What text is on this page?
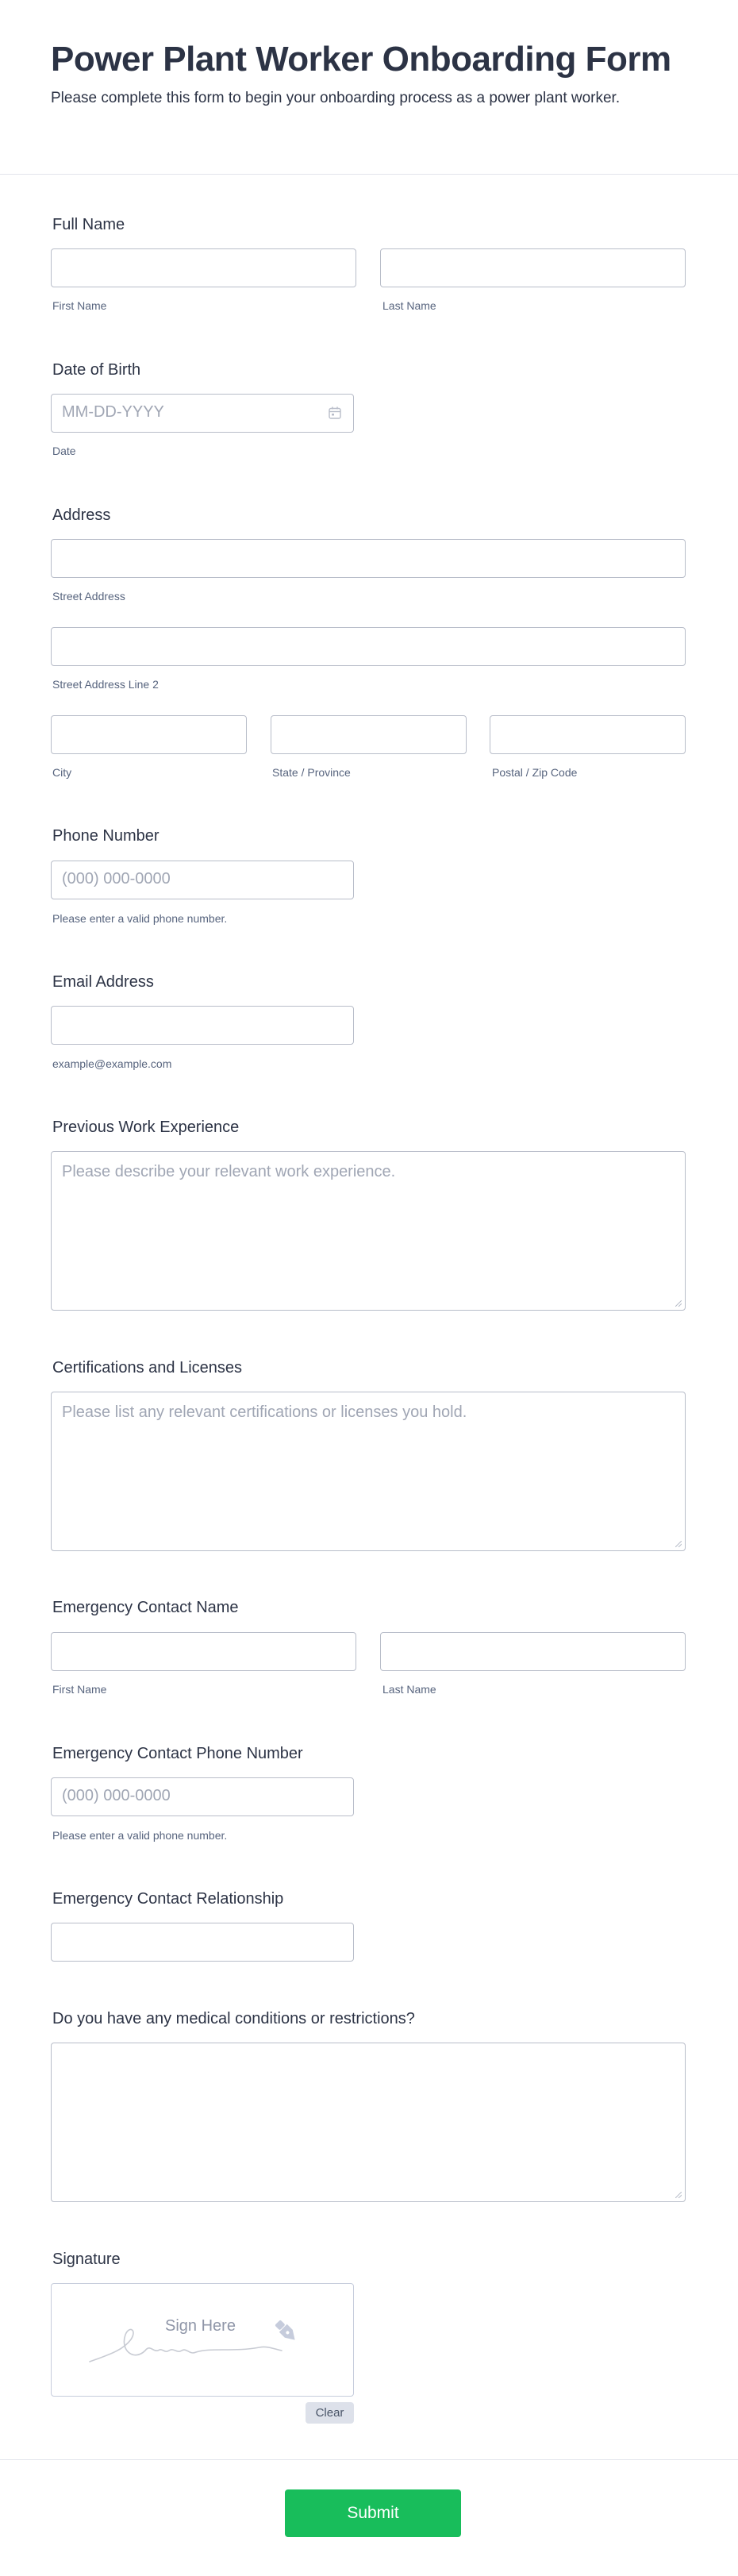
Power Plant Worker Onboarding Form
Please complete this form to begin your onboarding process as a power plant worker.
Full Name
First Name	Last Name
Date of Birth
MM-DD-YYYY
Date
Address
Street Address
Street Address Line 2
City	State / Province	Postal / Zip Code
Phone Number
(000) 000-0000
Please enter a valid phone number.
Email Address
example@example.com
Previous Work Experience
Please describe your relevant work experience.
Certifications and Licenses
Please list any relevant certifications or licenses you hold.
Emergency Contact Name
First Name	Last Name
Emergency Contact Phone Number
(000) 000-0000
Please enter a valid phone number.
Emergency Contact Relationship
Do you have any medical conditions or restrictions?
Signature
Sign Here
Clear
Submit
